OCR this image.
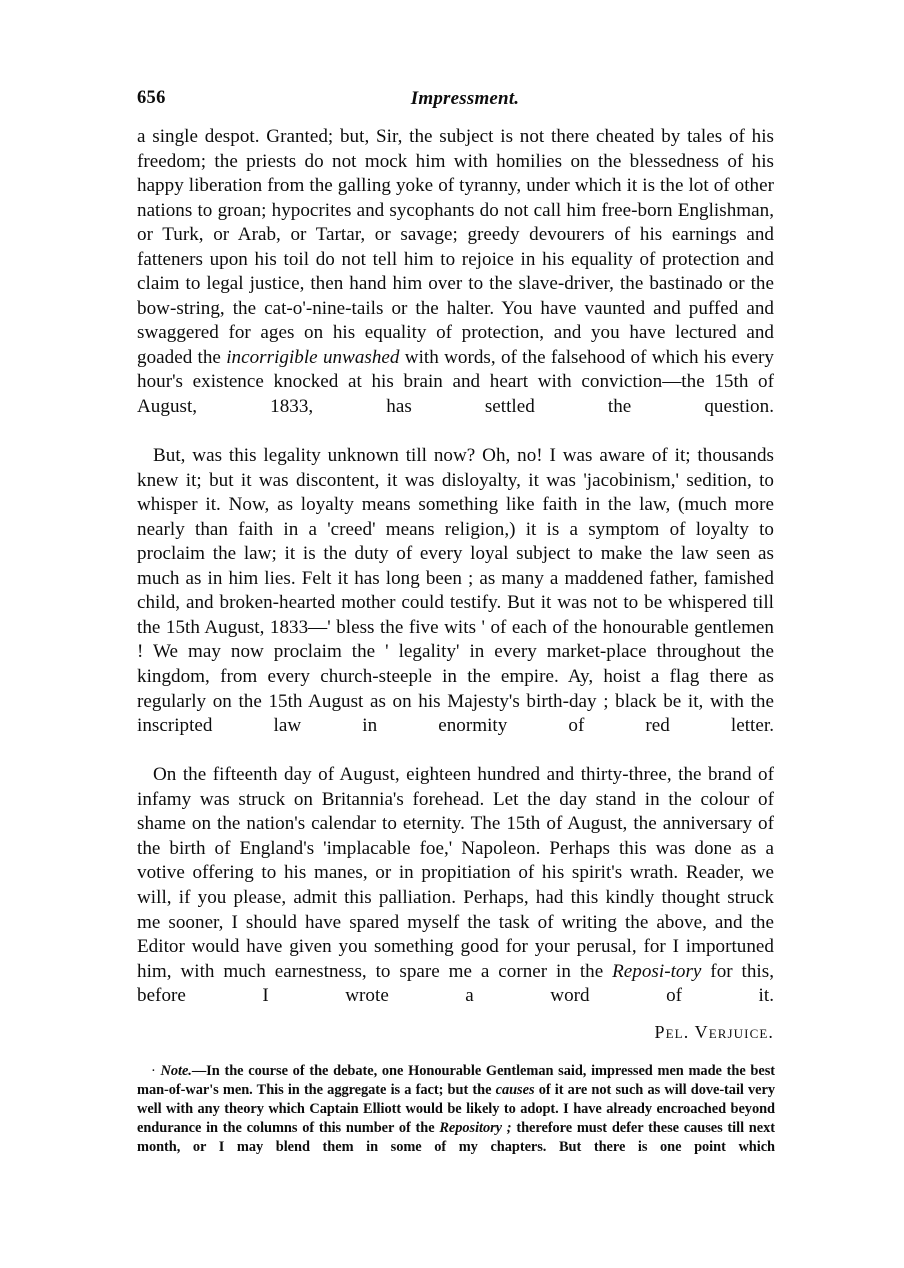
656	Impressment.

a single despot. Granted; but, Sir, the subject is not there cheated by tales of his freedom; the priests do not mock him with homilies on the blessedness of his happy liberation from the galling yoke of tyranny, under which it is the lot of other nations to groan; hypocrites and sycophants do not call him free-born Englishman, or Turk, or Arab, or Tartar, or savage; greedy devourers of his earnings and fatteners upon his toil do not tell him to rejoice in his equality of protection and claim to legal justice, then hand him over to the slave-driver, the bastinado or the bow-string, the cat-o'-nine-tails or the halter. You have vaunted and puffed and swaggered for ages on his equality of protection, and you have lectured and goaded the incorrigible unwashed with words, of the falsehood of which his every hour's existence knocked at his brain and heart with conviction—the 15th of August, 1833, has settled the question.

But, was this legality unknown till now? Oh, no! I was aware of it; thousands knew it; but it was discontent, it was disloyalty, it was 'jacobinism,' sedition, to whisper it. Now, as loyalty means something like faith in the law, (much more nearly than faith in a 'creed' means religion,) it is a symptom of loyalty to proclaim the law; it is the duty of every loyal subject to make the law seen as much as in him lies. Felt it has long been ; as many a maddened father, famished child, and broken-hearted mother could testify. But it was not to be whispered till the 15th August, 1833—' bless the five wits ' of each of the honourable gentlemen ! We may now proclaim the ' legality' in every market-place throughout the kingdom, from every church-steeple in the empire. Ay, hoist a flag there as regularly on the 15th August as on his Majesty's birth-day ; black be it, with the inscripted law in enormity of red letter.

On the fifteenth day of August, eighteen hundred and thirty-three, the brand of infamy was struck on Britannia's forehead. Let the day stand in the colour of shame on the nation's calendar to eternity. The 15th of August, the anniversary of the birth of England's 'implacable foe,' Napoleon. Perhaps this was done as a votive offering to his manes, or in propitiation of his spirit's wrath. Reader, we will, if you please, admit this palliation. Perhaps, had this kindly thought struck me sooner, I should have spared myself the task of writing the above, and the Editor would have given you something good for your perusal, for I importuned him, with much earnestness, to spare me a corner in the Reposi-tory for this, before I wrote a word of it.

Pel. Verjuice.

· Note.—In the course of the debate, one Honourable Gentleman said, impressed men made the best man-of-war's men. This in the aggregate is a fact; but the causes of it are not such as will dove-tail very well with any theory which Captain Elliott would be likely to adopt. I have already encroached beyond endurance in the columns of this number of the Repository ; therefore must defer these causes till next month, or I may blend them in some of my chapters. But there is one point which
